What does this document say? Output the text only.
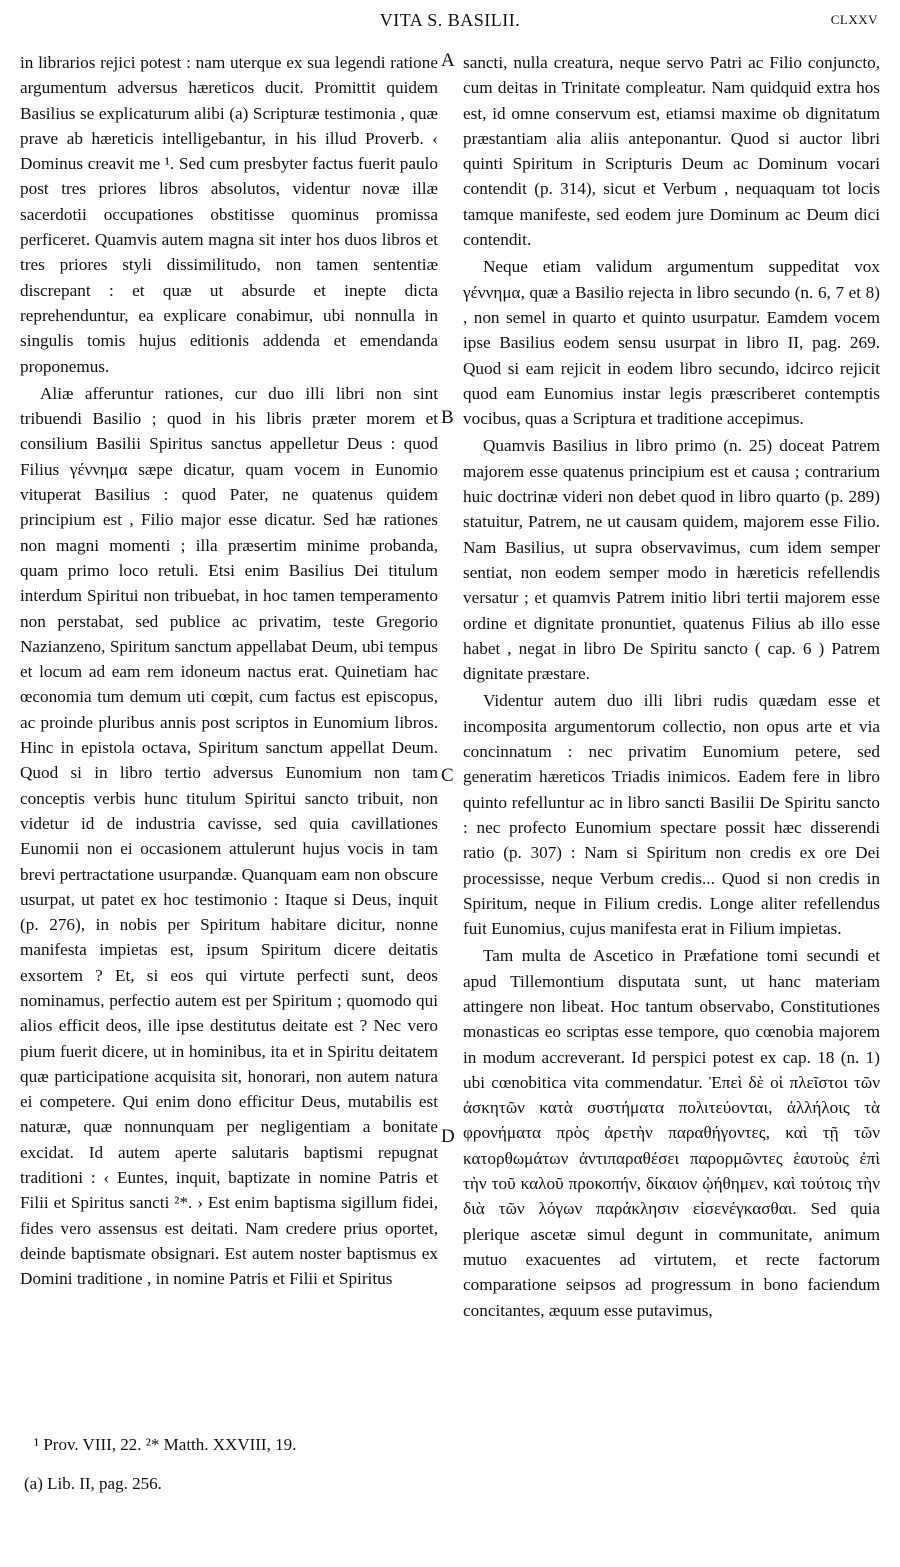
VITA S. BASILII.	CLXXV
A
B
C
D

in librarios rejici potest : nam uterque ex sua legendi ratione argumentum adversus hæreticos ducit. Promittit quidem Basilius se explicaturum alibi (a) Scripturæ testimonia , quæ prave ab hæreticis intelligebantur, in his illud Proverb. ‹ Dominus creavit me ¹. Sed cum presbyter factus fuerit paulo post tres priores libros absolutos, videntur novæ illæ sacerdotii occupationes obstitisse quominus promissa perficeret. Quamvis autem magna sit inter hos duos libros et tres priores styli dissimilitudo, non tamen sententiæ discrepant : et quæ ut absurde et inepte dicta reprehenduntur, ea explicare conabimur, ubi nonnulla in singulis tomis hujus editionis addenda et emendanda proponemus.

Aliæ afferuntur rationes, cur duo illi libri non sint tribuendi Basilio ; quod in his libris præter morem et consilium Basilii Spiritus sanctus appelletur Deus : quod Filius γέννημα sæpe dicatur, quam vocem in Eunomio vituperat Basilius : quod Pater, ne quatenus quidem principium est , Filio major esse dicatur. Sed hæ rationes non magni momenti ; illa præsertim minime probanda, quam primo loco retuli. Etsi enim Basilius Dei titulum interdum Spiritui non tribuebat, in hoc tamen temperamento non perstabat, sed publice ac privatim, teste Gregorio Nazianzeno, Spiritum sanctum appellabat Deum, ubi tempus et locum ad eam rem idoneum nactus erat. Quinetiam hac œconomia tum demum uti cœpit, cum factus est episcopus, ac proinde pluribus annis post scriptos in Eunomium libros. Hinc in epistola octava, Spiritum sanctum appellat Deum. Quod si in libro tertio adversus Eunomium non tam conceptis verbis hunc titulum Spiritui sancto tribuit, non videtur id de industria cavisse, sed quia cavillationes Eunomii non ei occasionem attulerunt hujus vocis in tam brevi pertractatione usurpandæ. Quanquam eam non obscure usurpat, ut patet ex hoc testimonio : Itaque si Deus, inquit (p. 276), in nobis per Spiritum habitare dicitur, nonne manifesta impietas est, ipsum Spiritum dicere deitatis exsortem ? Et, si eos qui virtute perfecti sunt, deos nominamus, perfectio autem est per Spiritum ; quomodo qui alios efficit deos, ille ipse destitutus deitate est ? Nec vero pium fuerit dicere, ut in hominibus, ita et in Spiritu deitatem quæ participatione acquisita sit, honorari, non autem natura ei competere. Qui enim dono efficitur Deus, mutabilis est naturæ, quæ nonnunquam per negligentiam a bonitate excidat. Id autem aperte salutaris baptismi repugnat traditioni : ‹ Euntes, inquit, baptizate in nomine Patris et Filii et Spiritus sancti ²*. › Est enim baptisma sigillum fidei, fides vero assensus est deitati. Nam credere prius oportet, deinde baptismate obsignari. Est autem noster baptismus ex Domini traditione , in nomine Patris et Filii et Spiritus

sancti, nulla creatura, neque servo Patri ac Filio conjuncto, cum deitas in Trinitate compleatur. Nam quidquid extra hos est, id omne conservum est, etiamsi maxime ob dignitatum præstantiam alia aliis anteponantur. Quod si auctor libri quinti Spiritum in Scripturis Deum ac Dominum vocari contendit (p. 314), sicut et Verbum , nequaquam tot locis tamque manifeste, sed eodem jure Dominum ac Deum dici contendit.

Neque etiam validum argumentum suppeditat vox γέννημα, quæ a Basilio rejecta in libro secundo (n. 6, 7 et 8) , non semel in quarto et quinto usurpatur. Eamdem vocem ipse Basilius eodem sensu usurpat in libro II, pag. 269. Quod si eam rejicit in eodem libro secundo, idcirco rejicit quod eam Eunomius instar legis præscriberet contemptis vocibus, quas a Scriptura et traditione accepimus.

Quamvis Basilius in libro primo (n. 25) doceat Patrem majorem esse quatenus principium est et causa ; contrarium huic doctrinæ videri non debet quod in libro quarto (p. 289) statuitur, Patrem, ne ut causam quidem, majorem esse Filio. Nam Basilius, ut supra observavimus, cum idem semper sentiat, non eodem semper modo in hæreticis refellendis versatur ; et quamvis Patrem initio libri tertii majorem esse ordine et dignitate pronuntiet, quatenus Filius ab illo esse habet , negat in libro De Spiritu sancto ( cap. 6 ) Patrem dignitate præstare.

Videntur autem duo illi libri rudis quædam esse et incomposita argumentorum collectio, non opus arte et via concinnatum : nec privatim Eunomium petere, sed generatim hæreticos Triadis inimicos. Eadem fere in libro quinto refelluntur ac in libro sancti Basilii De Spiritu sancto : nec profecto Eunomium spectare possit hæc disserendi ratio (p. 307) : Nam si Spiritum non credis ex ore Dei processisse, neque Verbum credis... Quod si non credis in Spiritum, neque in Filium credis. Longe aliter refellendus fuit Eunomius, cujus manifesta erat in Filium impietas.

Tam multa de Ascetico in Præfatione tomi secundi et apud Tillemontium disputata sunt, ut hanc materiam attingere non libeat. Hoc tantum observabo, Constitutiones monasticas eo scriptas esse tempore, quo cœnobia majorem in modum accreverant. Id perspici potest ex cap. 18 (n. 1) ubi cœnobitica vita commendatur. Ἐπεὶ δὲ οἱ πλεῖστοι τῶν ἀσκητῶν κατὰ συστήματα πολιτεύονται, ἀλλήλοις τὰ φρονήματα πρὸς ἀρετὴν παραθήγοντες, καὶ τῇ τῶν κατορθωμάτων ἀντιπαραθέσει παρορμῶντες ἑαυτοὺς ἐπὶ τὴν τοῦ καλοῦ προκοπήν, δίκαιον ᾠήθημεν, καὶ τούτοις τὴν διὰ τῶν λόγων παράκλησιν εἰσενέγκασθαι. Sed quia plerique ascetæ simul degunt in communitate, animum mutuo exacuentes ad virtutem, et recte factorum comparatione seipsos ad progressum in bono faciendum concitantes, æquum esse putavimus,

¹ Prov. VIII, 22. ²* Matth. XXVIII, 19.
(a) Lib. II, pag. 256.
